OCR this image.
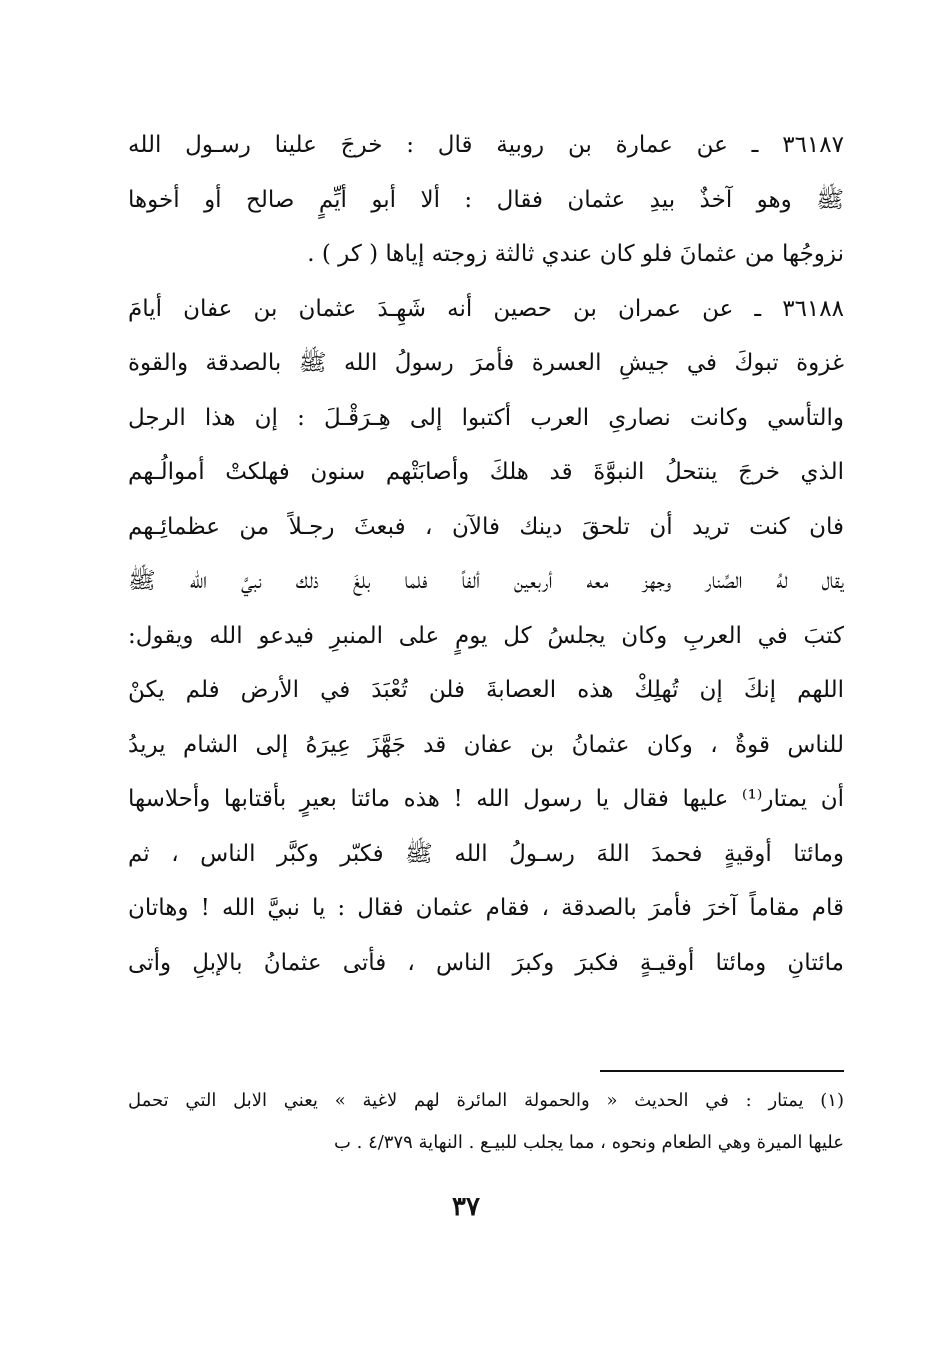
٣٦١٨٧ ـ عن عمارة بن روبية قال : خرجَ علينا رسـول الله
ﷺ وهو آخذٌ بيدِ عثمان فقال : ألا أبو أيِّمٍ صالح أو أخوها
نزوجُها من عثمانَ فلو كان عندي ثالثة زوجته إياها ( كر ) .
٣٦١٨٨ ـ عن عمران بن حصين أنه شَهِـدَ عثمان بن عفان أيامَ
غزوة تبوكَ في جيشِ العسرة فأمرَ رسولُ الله ﷺ بالصدقة والقوة
والتأسي وكانت نصارىِ العرب أكتبوا إلى هِـرَقْـلَ : إن هذا الرجل
الذي خرجَ ينتحلُ النبوَّةَ قد هلكَ وأصابَتْهم سنون فهلكتْ أموالُـهم
فان كنت تريد أن تلحقَ دينك فالآن ، فبعثَ رجـلاً من عظمائِـهم
يقال لهُ الصِّنار وجهز معه أربعين ألفاً فلما بلغَ ذلك نبيَّ الله ﷺ
كتبَ في العربِ وكان يجلسُ كل يومٍ على المنبرِ فيدعو الله ويقول:
اللهم إنكَ إن تُهلِكْ هذه العصابةَ فلن تُعْبَدَ في الأرض فلم يكنْ
للناس قوةٌ ، وكان عثمانُ بن عفان قد جَهَّزَ عِيرَهُ إلى الشام يريدُ
أن يمتار⁽¹⁾ عليها فقال يا رسول الله ! هذه مائتا بعيرٍ بأقتابها وأحلاسها
ومائتا أوقيةٍ فحمدَ اللهَ رسـولُ الله ﷺ فكبّر وكبَّر الناس ، ثم
قام مقاماً آخرَ فأمرَ بالصدقة ، فقام عثمان فقال : يا نبيَّ الله ! وهاتان
مائتانِ ومائتا أوقيـةٍ فكبرَ وكبرَ الناس ، فأتى عثمانُ بالإبلِ وأتى
(١) يمتار : في الحديث « والحمولة المائرة لهم لاغية » يعني الابل التي تحمل
عليها الميرة وهي الطعام ونحوه ، مما يجلب للبيـع . النهاية ٤/٣٧٩ . ب
٣٧
